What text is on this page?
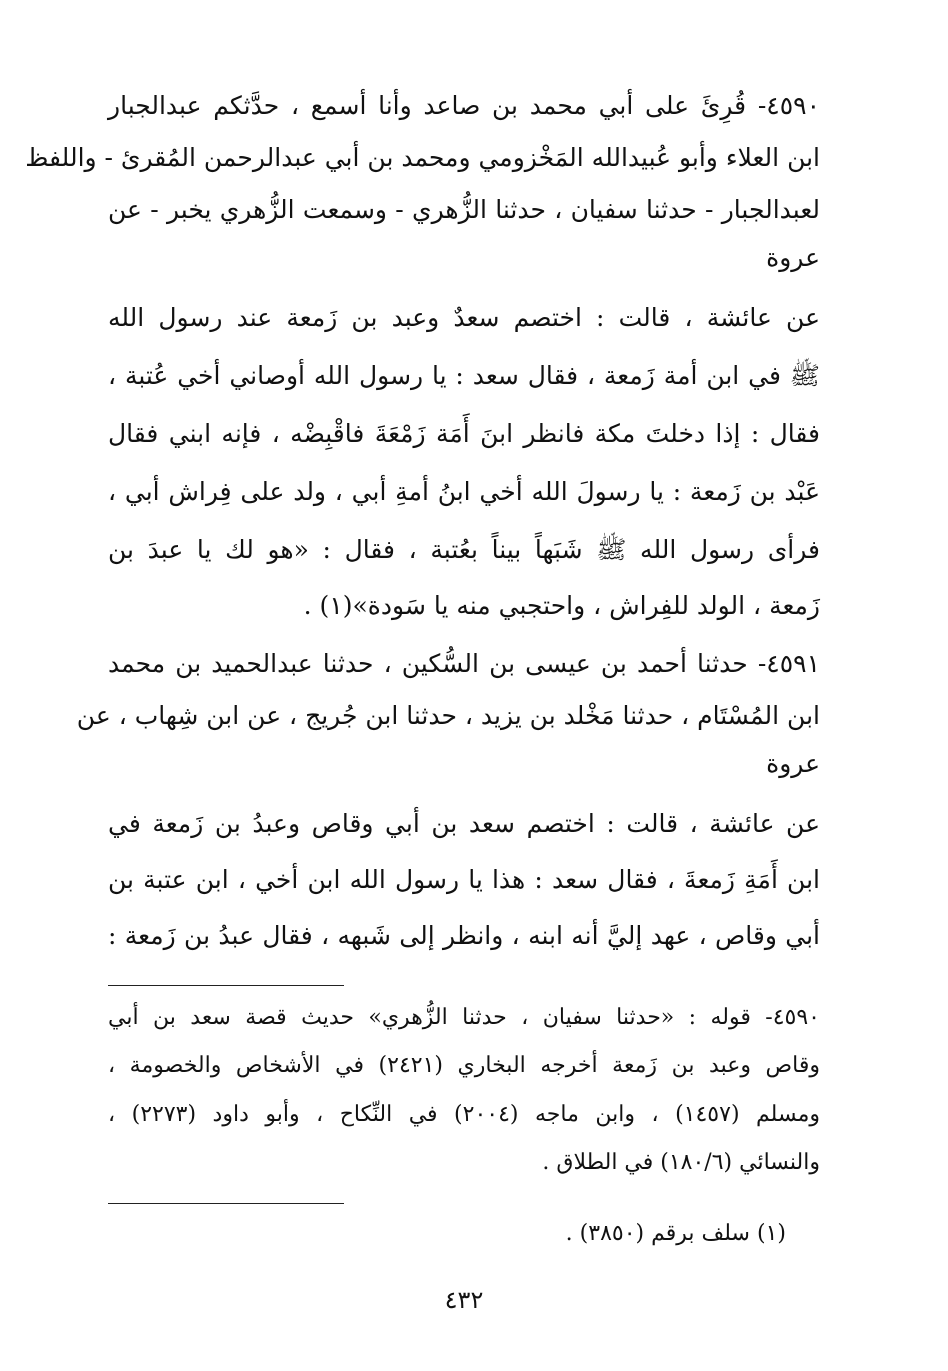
٤٥٩٠- قُرِئَ على أبي محمد بن صاعد وأنا أسمع ، حدَّثكم عبدالجبار
ابن العلاء وأبو عُبيدالله المَخْزومي ومحمد بن أبي عبدالرحمن المُقرئ - واللفظ
لعبدالجبار - حدثنا سفيان ، حدثنا الزُّهري - وسمعت الزُّهري يخبر - عن
عروة
عن عائشة ، قالت : اختصم سعدٌ وعبد بن زَمعة عند رسول الله
ﷺ في ابن أمة زَمعة ، فقال سعد : يا رسول الله أوصاني أخي عُتبة ،
فقال : إذا دخلتَ مكة فانظر ابنَ أَمَة زَمْعَةَ فاقْبِضْه ، فإنه ابني فقال
عَبْد بن زَمعة : يا رسولَ الله أخي ابنُ أمةِ أبي ، ولد على فِراش أبي ،
فرأى رسول الله ﷺ شَبَهاً بيناً بعُتبة ، فقال : «هو لك يا عبدَ بن
زَمعة ، الولد للفِراش ، واحتجبي منه يا سَودة»(١) .
٤٥٩١- حدثنا أحمد بن عيسى بن السُّكين ، حدثنا عبدالحميد بن محمد
ابن المُسْتَام ، حدثنا مَخْلد بن يزيد ، حدثنا ابن جُريج ، عن ابن شِهاب ، عن
عروة
عن عائشة ، قالت : اختصم سعد بن أبي وقاص وعبدُ بن زَمعة في
ابن أَمَةِ زَمعةَ ، فقال سعد : هذا يا رسول الله ابن أخي ، ابن عتبة بن
أبي وقاص ، عهد إليَّ أنه ابنه ، وانظر إلى شَبهه ، فقال عبدُ بن زَمعة :
٤٥٩٠- قوله : «حدثنا سفيان ، حدثنا الزُّهري» حديث قصة سعد بن أبي
وقاص وعبد بن زَمعة أخرجه البخاري (٢٤٢١) في الأشخاص والخصومة ،
ومسلم (١٤٥٧) ، وابن ماجه (٢٠٠٤) في النِّكاح ، وأبو داود (٢٢٧٣) ،
والنسائي (١٨٠/٦) في الطلاق .
(١) سلف برقم (٣٨٥٠) .
٤٣٢
